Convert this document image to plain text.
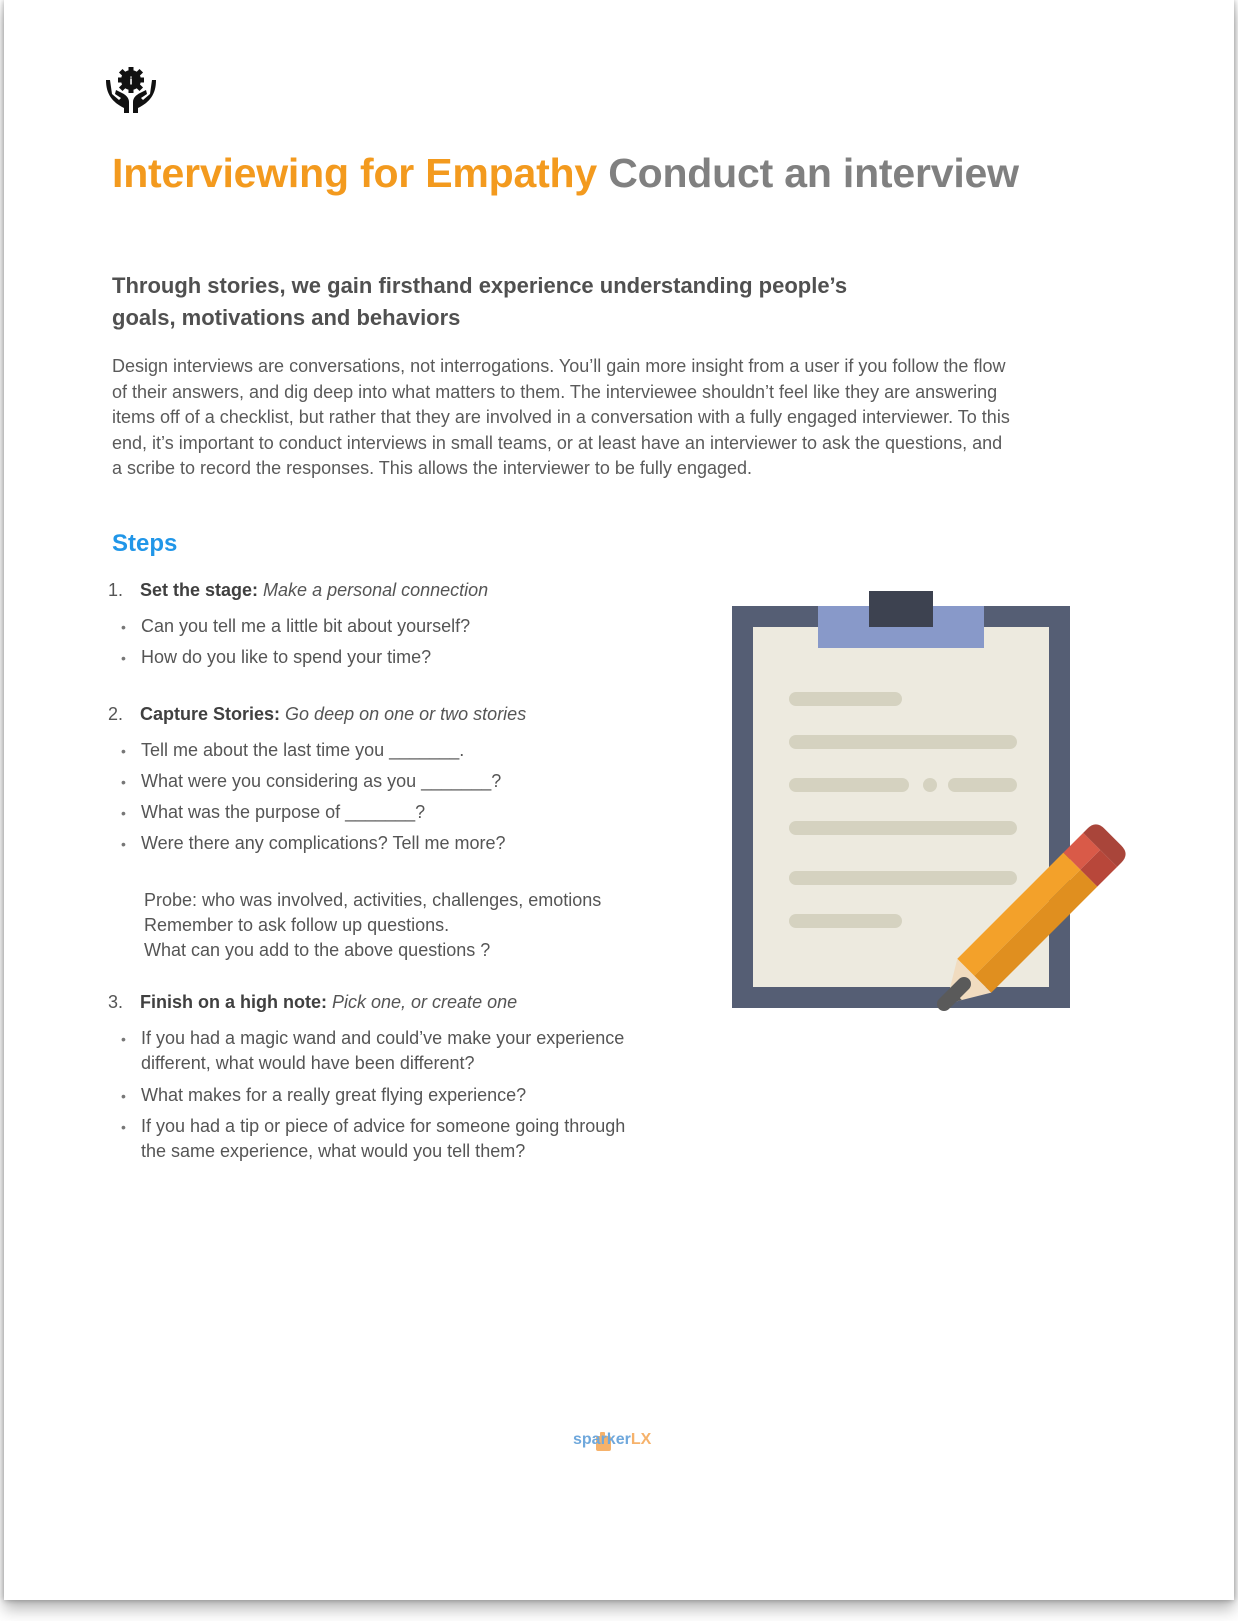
i
Interviewing for Empathy Conduct an interview

Through stories, we gain firsthand experience understanding people’s
goals, motivations and behaviors

Design interviews are conversations, not interrogations. You’ll gain more insight from a user if you follow the flow
of their answers, and dig deep into what matters to them. The interviewee shouldn’t feel like they are answering
items off of a checklist, but rather that they are involved in a conversation with a fully engaged interviewer. To this
end, it’s important to conduct interviews in small teams, or at least have an interviewer to ask the questions, and
a scribe to record the responses. This allows the interviewer to be fully engaged.

Steps
1. Set the stage: Make a personal connection
• Can you tell me a little bit about yourself?
• How do you like to spend your time?
2. Capture Stories: Go deep on one or two stories
• Tell me about the last time you _______.
• What were you considering as you _______?
• What was the purpose of _______?
• Were there any complications? Tell me more?
Probe: who was involved, activities, challenges, emotions
Remember to ask follow up questions.
What can you add to the above questions ?
3. Finish on a high note: Pick one, or create one
• If you had a magic wand and could’ve make your experience
different, what would have been different?
• What makes for a really great flying experience?
• If you had a tip or piece of advice for someone going through
the same experience, what would you tell them?
sparkerLX
